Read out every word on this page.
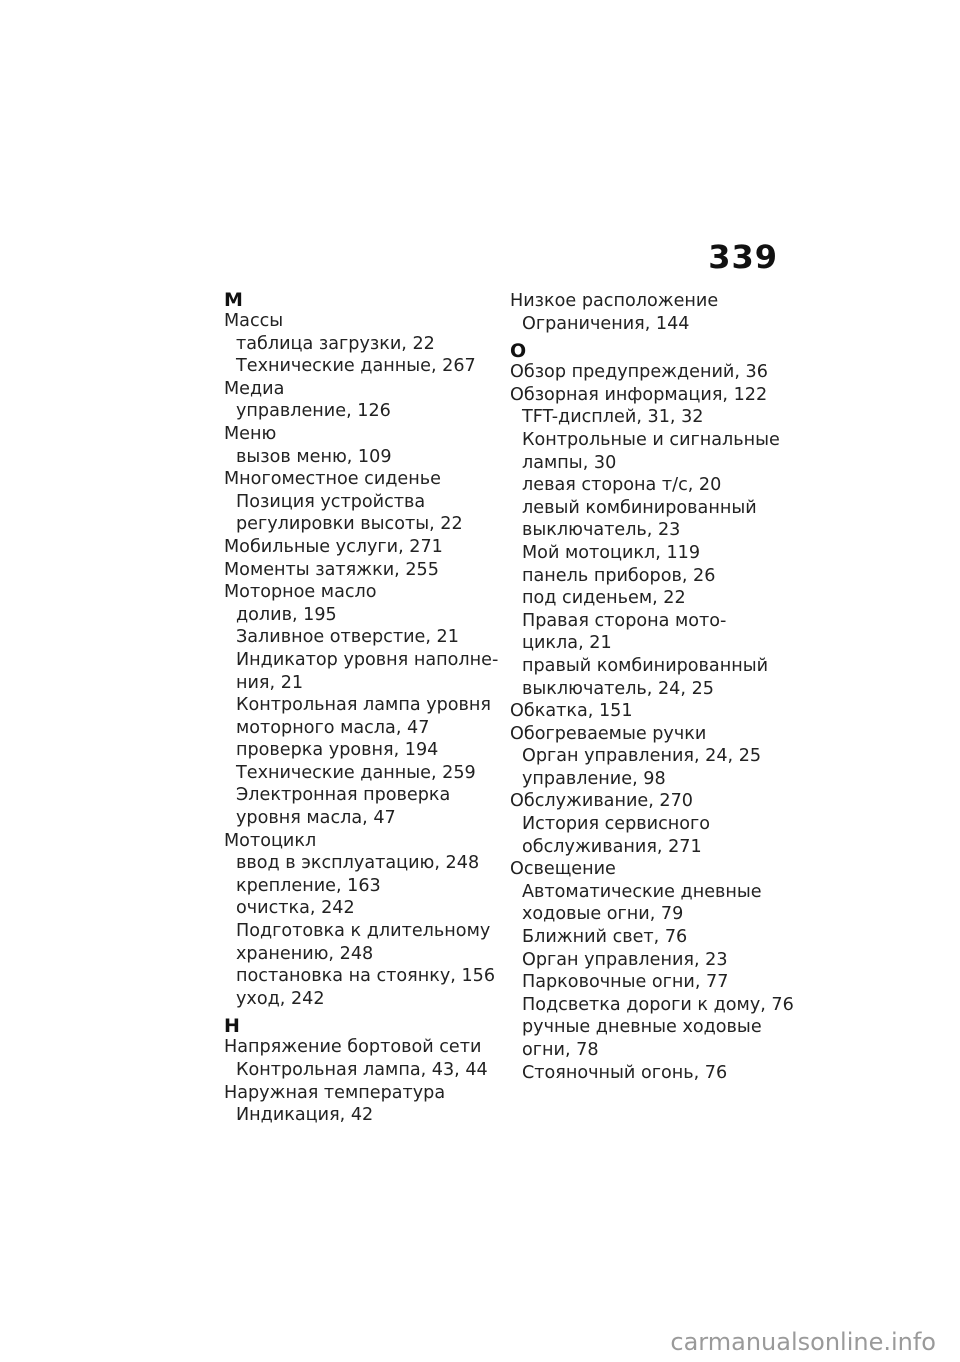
339
М
Массы
таблица загрузки, 22
Технические данные, 267
Медиа
управление, 126
Меню
вызов меню, 109
Многоместное сиденье
Позиция устройства
регулировки высоты, 22
Мобильные услуги, 271
Моменты затяжки, 255
Моторное масло
долив, 195
Заливное отверстие, 21
Индикатор уровня наполне-
ния, 21
Контрольная лампа уровня
моторного масла, 47
проверка уровня, 194
Технические данные, 259
Электронная проверка
уровня масла, 47
Мотоцикл
ввод в эксплуатацию, 248
крепление, 163
очистка, 242
Подготовка к длительному
хранению, 248
постановка на стоянку, 156
уход, 242
Н
Напряжение бортовой сети
Контрольная лампа, 43, 44
Наружная температура
Индикация, 42
Низкое расположение
Ограничения, 144
О
Обзор предупреждений, 36
Обзорная информация, 122
TFT-дисплей, 31, 32
Контрольные и сигнальные
лампы, 30
левая сторона т/с, 20
левый комбинированный
выключатель, 23
Мой мотоцикл, 119
панель приборов, 26
под сиденьем, 22
Правая сторона мото-
цикла, 21
правый комбинированный
выключатель, 24, 25
Обкатка, 151
Обогреваемые ручки
Орган управления, 24, 25
управление, 98
Обслуживание, 270
История сервисного
обслуживания, 271
Освещение
Автоматические дневные
ходовые огни, 79
Ближний свет, 76
Орган управления, 23
Парковочные огни, 77
Подсветка дороги к дому, 76
ручные дневные ходовые
огни, 78
Стояночный огонь, 76
carmanualsonline.info
